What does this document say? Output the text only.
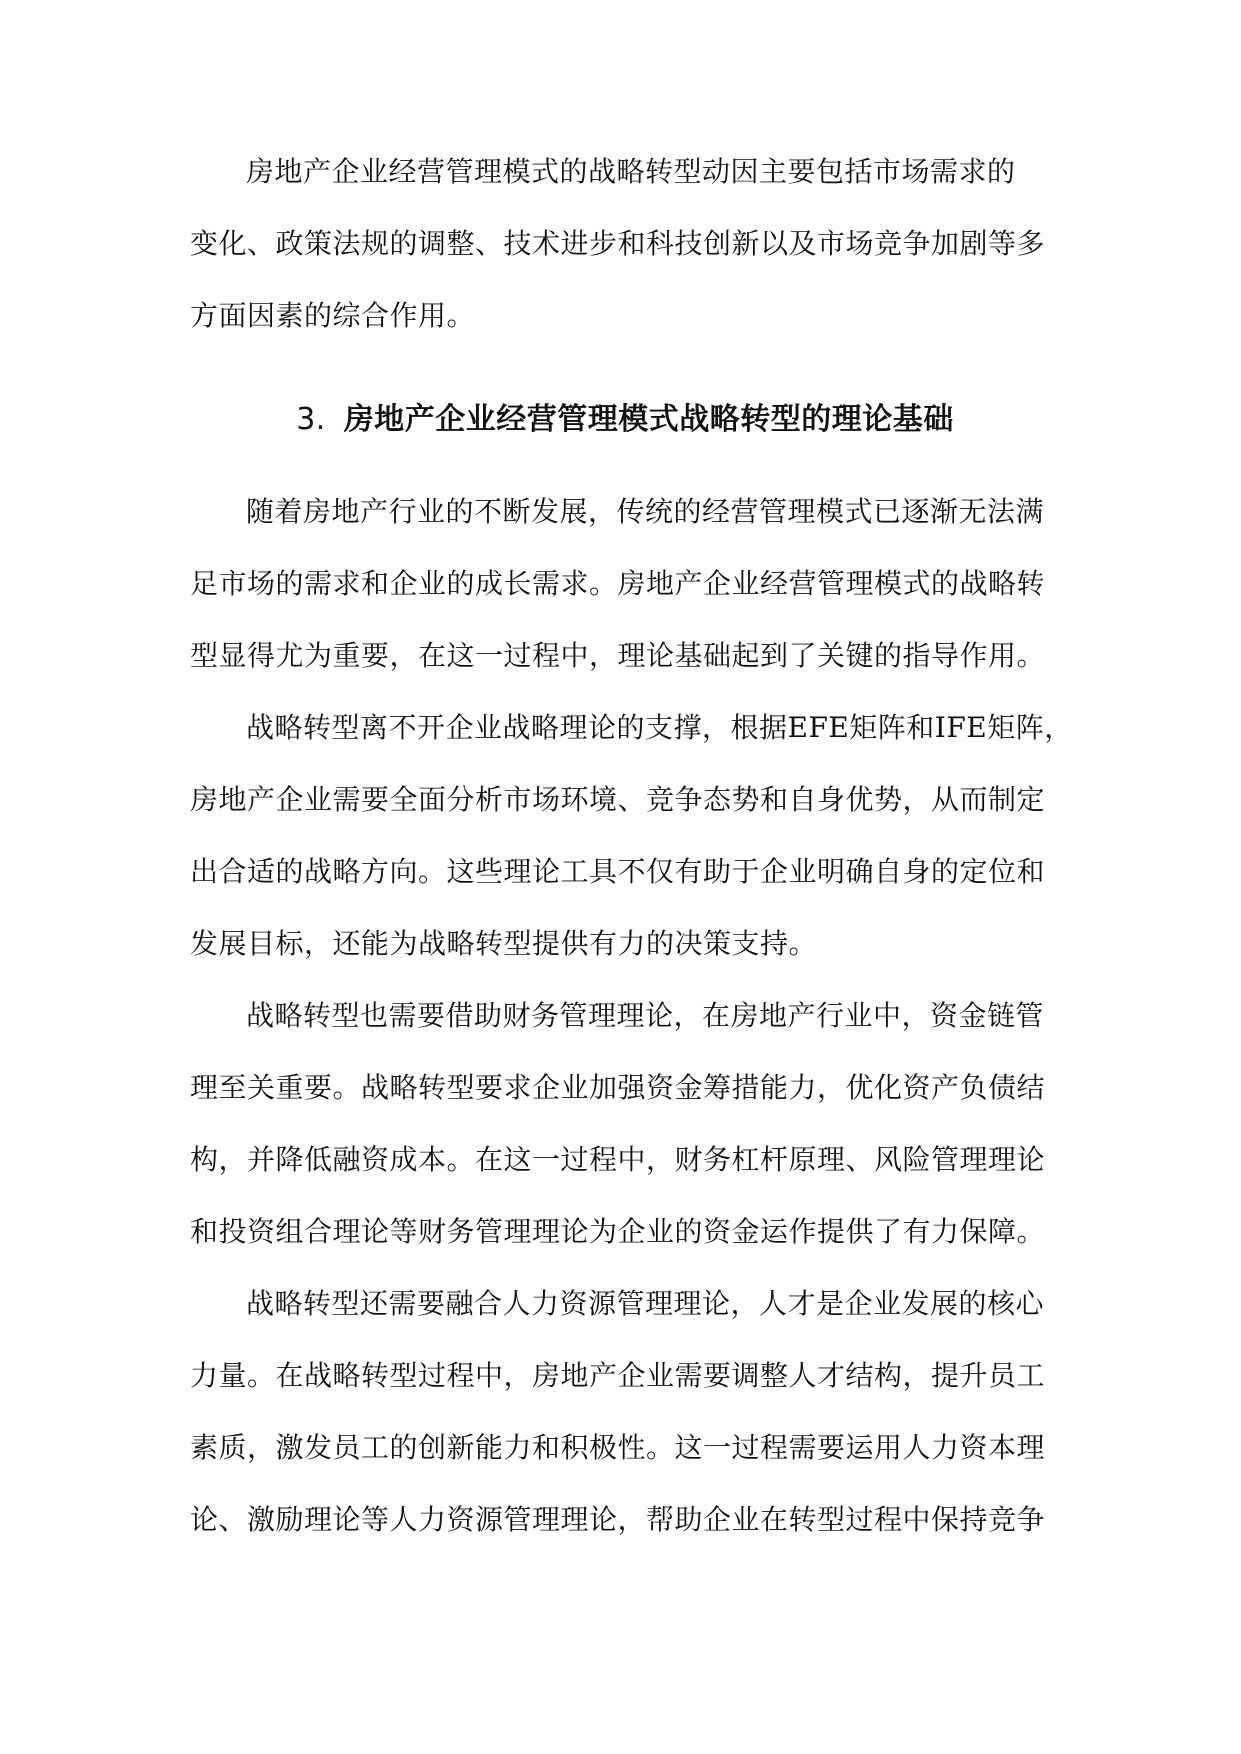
房地产企业经营管理模式的战略转型动因主要包括市场需求的

变化、政策法规的调整、技术进步和科技创新以及市场竞争加剧等多

方面因素的综合作用。

3. 房地产企业经营管理模式战略转型的理论基础

随着房地产行业的不断发展，传统的经营管理模式已逐渐无法满

足市场的需求和企业的成长需求。房地产企业经营管理模式的战略转

型显得尤为重要，在这一过程中，理论基础起到了关键的指导作用。

战略转型离不开企业战略理论的支撑，根据EFE矩阵和IFE矩阵，

房地产企业需要全面分析市场环境、竞争态势和自身优势，从而制定

出合适的战略方向。这些理论工具不仅有助于企业明确自身的定位和

发展目标，还能为战略转型提供有力的决策支持。

战略转型也需要借助财务管理理论，在房地产行业中，资金链管

理至关重要。战略转型要求企业加强资金筹措能力，优化资产负债结

构，并降低融资成本。在这一过程中，财务杠杆原理、风险管理理论

和投资组合理论等财务管理理论为企业的资金运作提供了有力保障。

战略转型还需要融合人力资源管理理论，人才是企业发展的核心

力量。在战略转型过程中，房地产企业需要调整人才结构，提升员工

素质，激发员工的创新能力和积极性。这一过程需要运用人力资本理

论、激励理论等人力资源管理理论，帮助企业在转型过程中保持竞争
